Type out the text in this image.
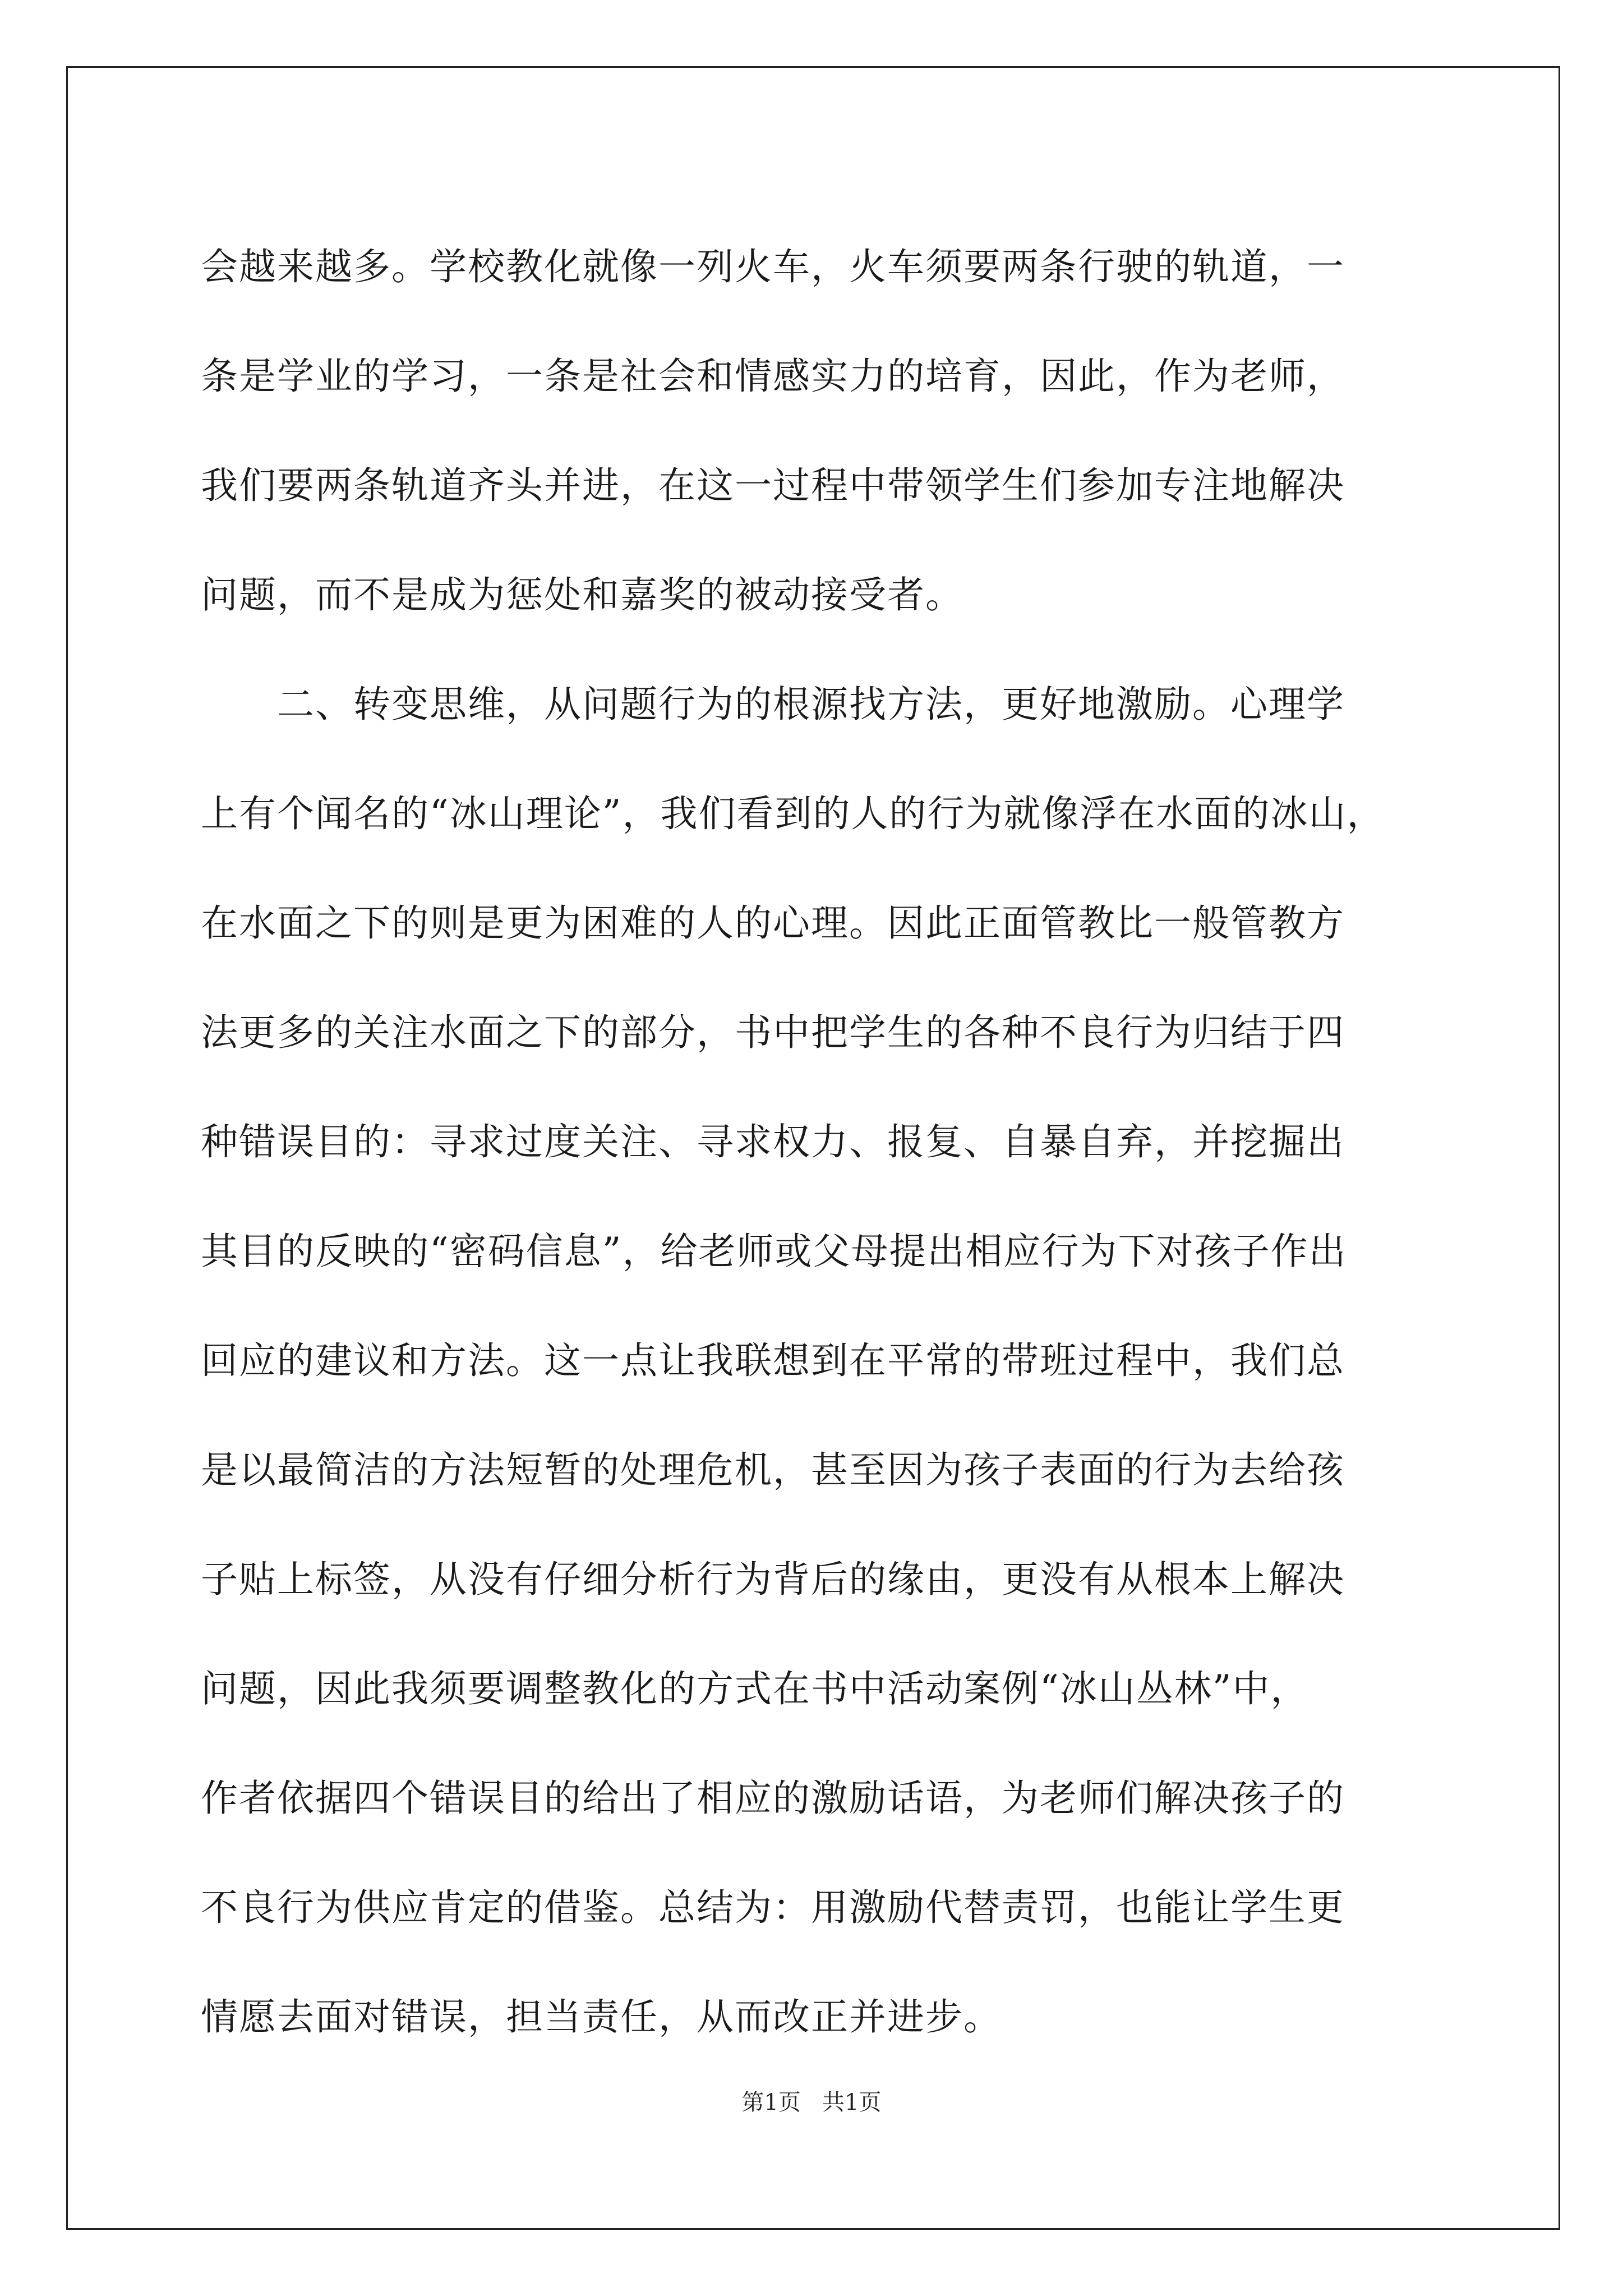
会越来越多。学校教化就像一列火车，火车须要两条行驶的轨道，一
条是学业的学习，一条是社会和情感实力的培育，因此，作为老师，
我们要两条轨道齐头并进，在这一过程中带领学生们参加专注地解决
问题，而不是成为惩处和嘉奖的被动接受者。
　　二、转变思维，从问题行为的根源找方法，更好地激励。心理学
上有个闻名的“冰山理论”，我们看到的人的行为就像浮在水面的冰山，
在水面之下的则是更为困难的人的心理。因此正面管教比一般管教方
法更多的关注水面之下的部分，书中把学生的各种不良行为归结于四
种错误目的：寻求过度关注、寻求权力、报复、自暴自弃，并挖掘出
其目的反映的“密码信息”，给老师或父母提出相应行为下对孩子作出
回应的建议和方法。这一点让我联想到在平常的带班过程中，我们总
是以最简洁的方法短暂的处理危机，甚至因为孩子表面的行为去给孩
子贴上标签，从没有仔细分析行为背后的缘由，更没有从根本上解决
问题，因此我须要调整教化的方式在书中活动案例“冰山丛林”中，
作者依据四个错误目的给出了相应的激励话语，为老师们解决孩子的
不良行为供应肯定的借鉴。总结为：用激励代替责罚，也能让学生更
情愿去面对错误，担当责任，从而改正并进步。
第1页   共1页
